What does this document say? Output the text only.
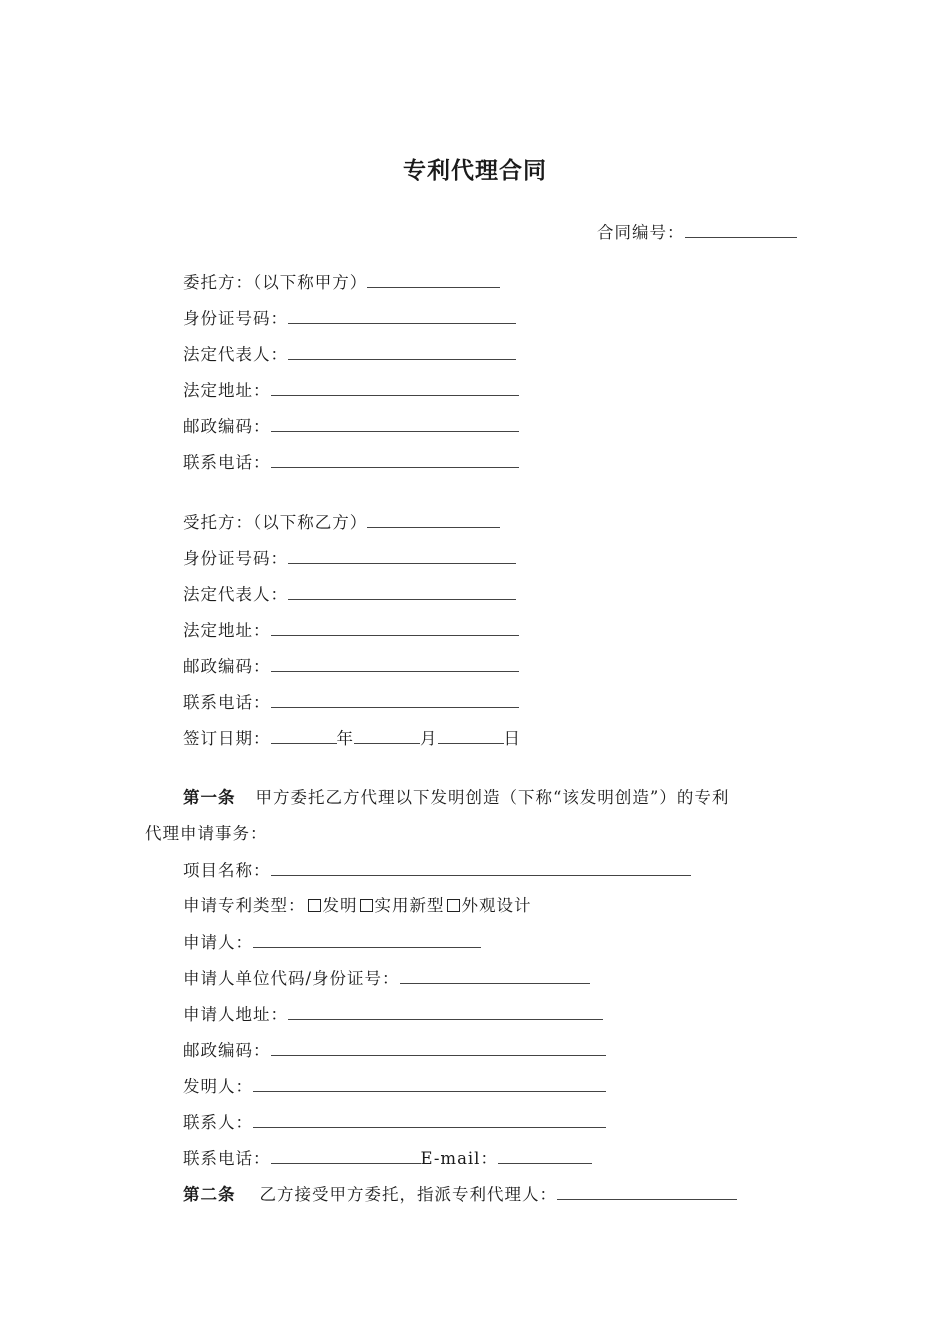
专利代理合同
合同编号：
委托方：（以下称甲方）
身份证号码：
法定代表人：
法定地址：
邮政编码：
联系电话：
受托方：（以下称乙方）
身份证号码：
法定代表人：
法定地址：
邮政编码：
联系电话：
签订日期：	年	月	日
第一条 甲方委托乙方代理以下发明创造（下称“该发明创造”）的专利
代理申请事务：
项目名称：
申请专利类型： 发明 实用新型 外观设计
申请人：
申请人单位代码/身份证号：
申请人地址：
邮政编码：
发明人：
联系人：
联系电话：	E-mail：
第二条 乙方接受甲方委托，指派专利代理人：
